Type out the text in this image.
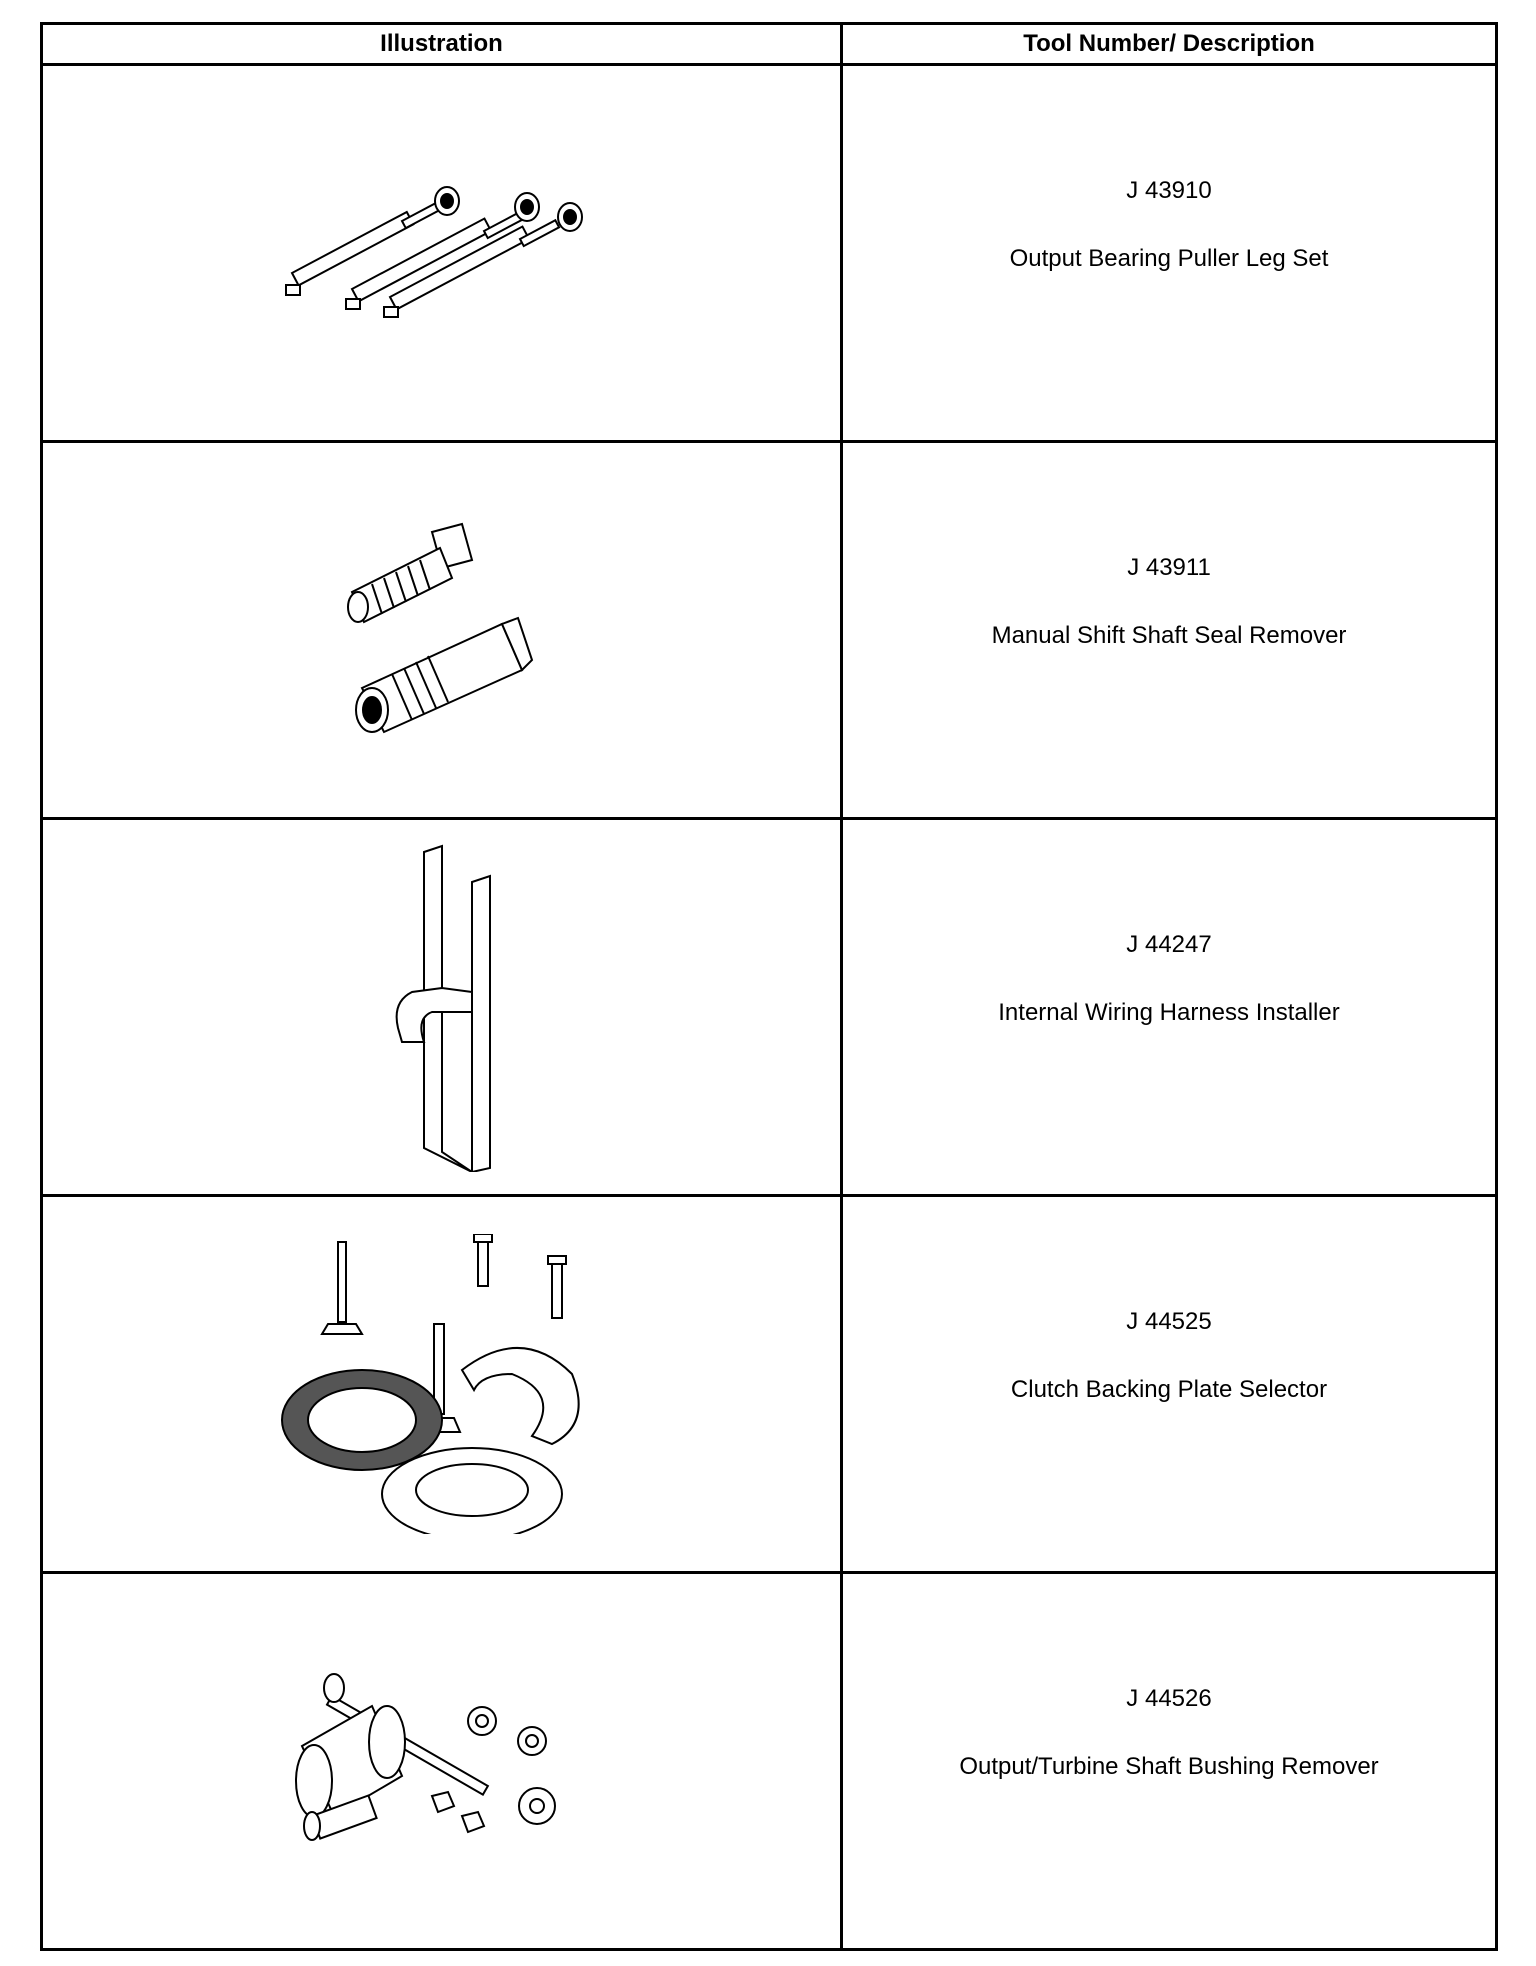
Illustration	Tool Number/ Description

J 43910
Output Bearing Puller Leg Set

J 43911
Manual Shift Shaft Seal Remover

J 44247
Internal Wiring Harness Installer

J 44525
Clutch Backing Plate Selector

J 44526
Output/Turbine Shaft Bushing Remover
